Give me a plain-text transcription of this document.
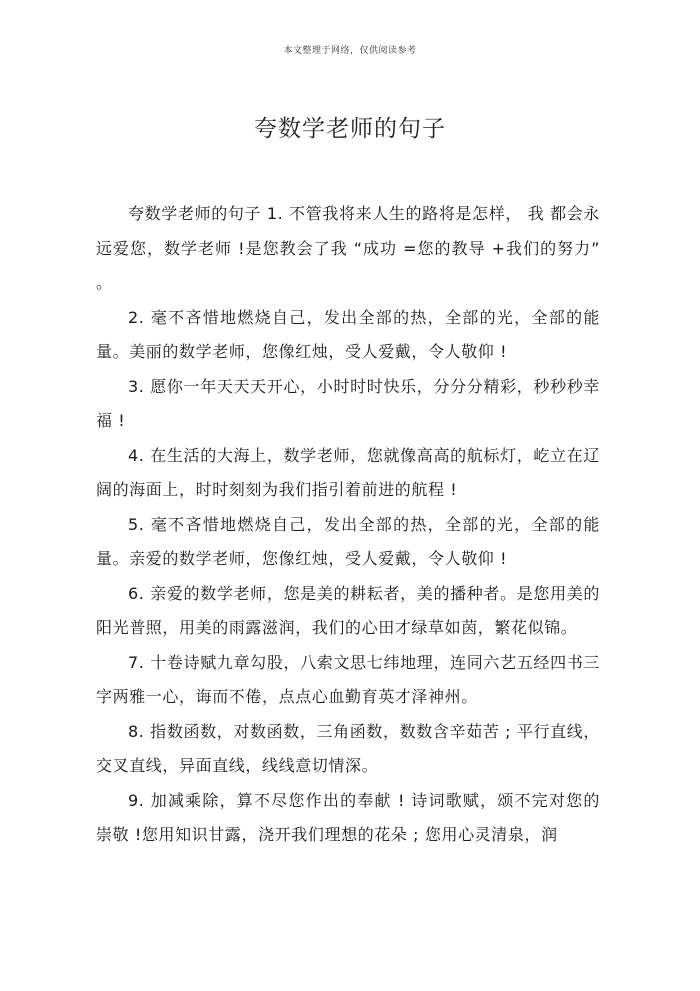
本文整理于网络，仅供阅读参考
夸数学老师的句子

夸数学老师的句子 1. 不管我将来人生的路将是怎样， 我 都会永远爱您，数学老师 !是您教会了我 “成功 =您的教导 +我们的努力” 。

2. 毫不吝惜地燃烧自己，发出全部的热，全部的光，全部的能量。美丽的数学老师，您像红烛，受人爱戴，令人敬仰 !

3. 愿你一年天天天开心，小时时时快乐，分分分精彩，秒秒秒幸福 !

4. 在生活的大海上，数学老师，您就像高高的航标灯，屹立在辽阔的海面上，时时刻刻为我们指引着前进的航程 !

5. 毫不吝惜地燃烧自己，发出全部的热，全部的光，全部的能量。亲爱的数学老师，您像红烛，受人爱戴，令人敬仰 !

6. 亲爱的数学老师，您是美的耕耘者，美的播种者。是您用美的阳光普照，用美的雨露滋润，我们的心田才绿草如茵，繁花似锦。

7. 十卷诗赋九章勾股，八索文思七纬地理，连同六艺五经四书三字两雅一心，诲而不倦，点点心血勤育英才泽神州。

8. 指数函数，对数函数，三角函数，数数含辛茹苦 ; 平行直线，交叉直线，异面直线，线线意切情深。

9. 加减乘除，算不尽您作出的奉献 ! 诗词歌赋，颂不完对您的崇敬 !您用知识甘露，浇开我们理想的花朵 ; 您用心灵清泉，润
